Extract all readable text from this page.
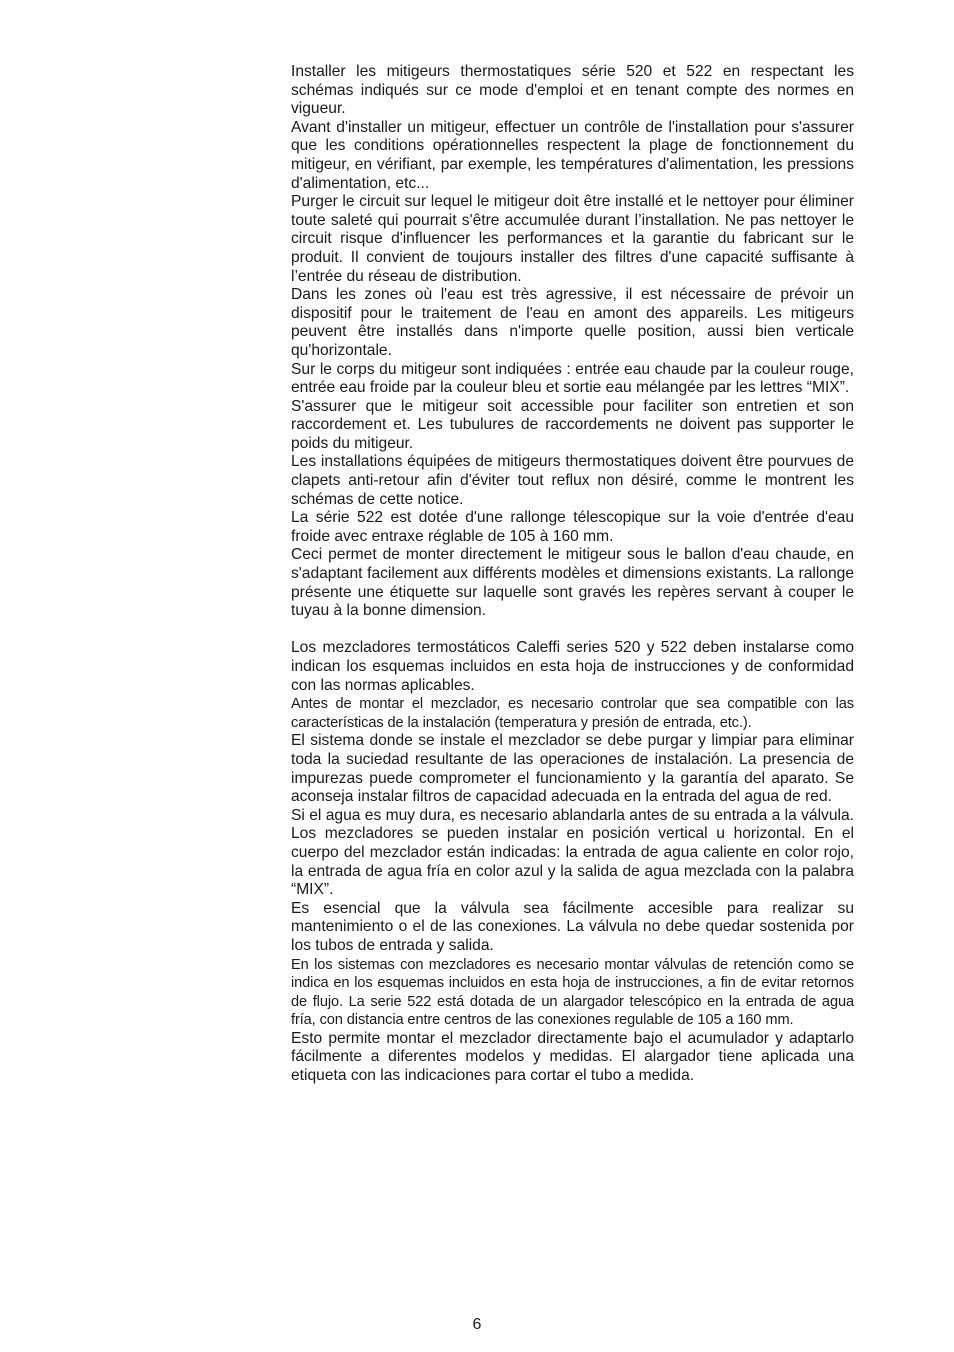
Installer les mitigeurs thermostatiques série 520 et 522 en respectant les schémas indiqués sur ce mode d'emploi et en tenant compte des normes en vigueur.

Avant d'installer un mitigeur, effectuer un contrôle de l'installation pour s'assurer que les conditions opérationnelles respectent la plage de fonctionnement du mitigeur, en vérifiant, par exemple, les températures d'alimentation, les pressions d'alimentation, etc...

Purger le circuit sur lequel le mitigeur doit être installé et le nettoyer pour éliminer toute saleté qui pourrait s'être accumulée durant l’installation. Ne pas nettoyer le circuit risque d'influencer les performances et la garantie du fabricant sur le produit. Il convient de toujours installer des filtres d'une capacité suffisante à l’entrée du réseau de distribution.

Dans les zones où l'eau est très agressive, il est nécessaire de prévoir un dispositif pour le traitement de l'eau en amont des appareils. Les mitigeurs peuvent être installés dans n'importe quelle position, aussi bien verticale qu'horizontale.

Sur le corps du mitigeur sont indiquées : entrée eau chaude par la couleur rouge, entrée eau froide par la couleur bleu et sortie eau mélangée par les lettres “MIX”.

S'assurer que le mitigeur soit accessible pour faciliter son entretien et son raccordement et. Les tubulures de raccordements ne doivent pas supporter le poids du mitigeur.

Les installations équipées de mitigeurs thermostatiques doivent être pourvues de clapets anti-retour afin d'éviter tout reflux non désiré, comme le montrent les schémas de cette notice.

La série 522 est dotée d'une rallonge télescopique sur la voie d'entrée d'eau froide avec entraxe réglable de 105 à 160 mm.

Ceci permet de monter directement le mitigeur sous le ballon d'eau chaude, en s'adaptant facilement aux différents modèles et dimensions existants. La rallonge présente une étiquette sur laquelle sont gravés les repères servant à couper le tuyau à la bonne dimension.

Los mezcladores termostáticos Caleffi series 520 y 522 deben instalarse como indican los esquemas incluidos en esta hoja de instrucciones y de conformidad con las normas aplicables.

Antes de montar el mezclador, es necesario controlar que sea compatible con las características de la instalación (temperatura y presión de entrada, etc.).

El sistema donde se instale el mezclador se debe purgar y limpiar para eliminar toda la suciedad resultante de las operaciones de instalación. La presencia de impurezas puede comprometer el funcionamiento y la garantía del aparato. Se aconseja instalar filtros de capacidad adecuada en la entrada del agua de red.

Si el agua es muy dura, es necesario ablandarla antes de su entrada a la válvula. Los mezcladores se pueden instalar en posición vertical u horizontal. En el cuerpo del mezclador están indicadas: la entrada de agua caliente en color rojo, la entrada de agua fría en color azul y la salida de agua mezclada con la palabra “MIX”.

Es esencial que la válvula sea fácilmente accesible para realizar su mantenimiento o el de las conexiones. La válvula no debe quedar sostenida por los tubos de entrada y salida.

En los sistemas con mezcladores es necesario montar válvulas de retención como se indica en los esquemas incluidos en esta hoja de instrucciones, a fin de evitar retornos de flujo. La serie 522 está dotada de un alargador telescópico en la entrada de agua fría, con distancia entre centros de las conexiones regulable de 105 a 160 mm.

Esto permite montar el mezclador directamente bajo el acumulador y adaptarlo fácilmente a diferentes modelos y medidas. El alargador tiene aplicada una etiqueta con las indicaciones para cortar el tubo a medida.

6
